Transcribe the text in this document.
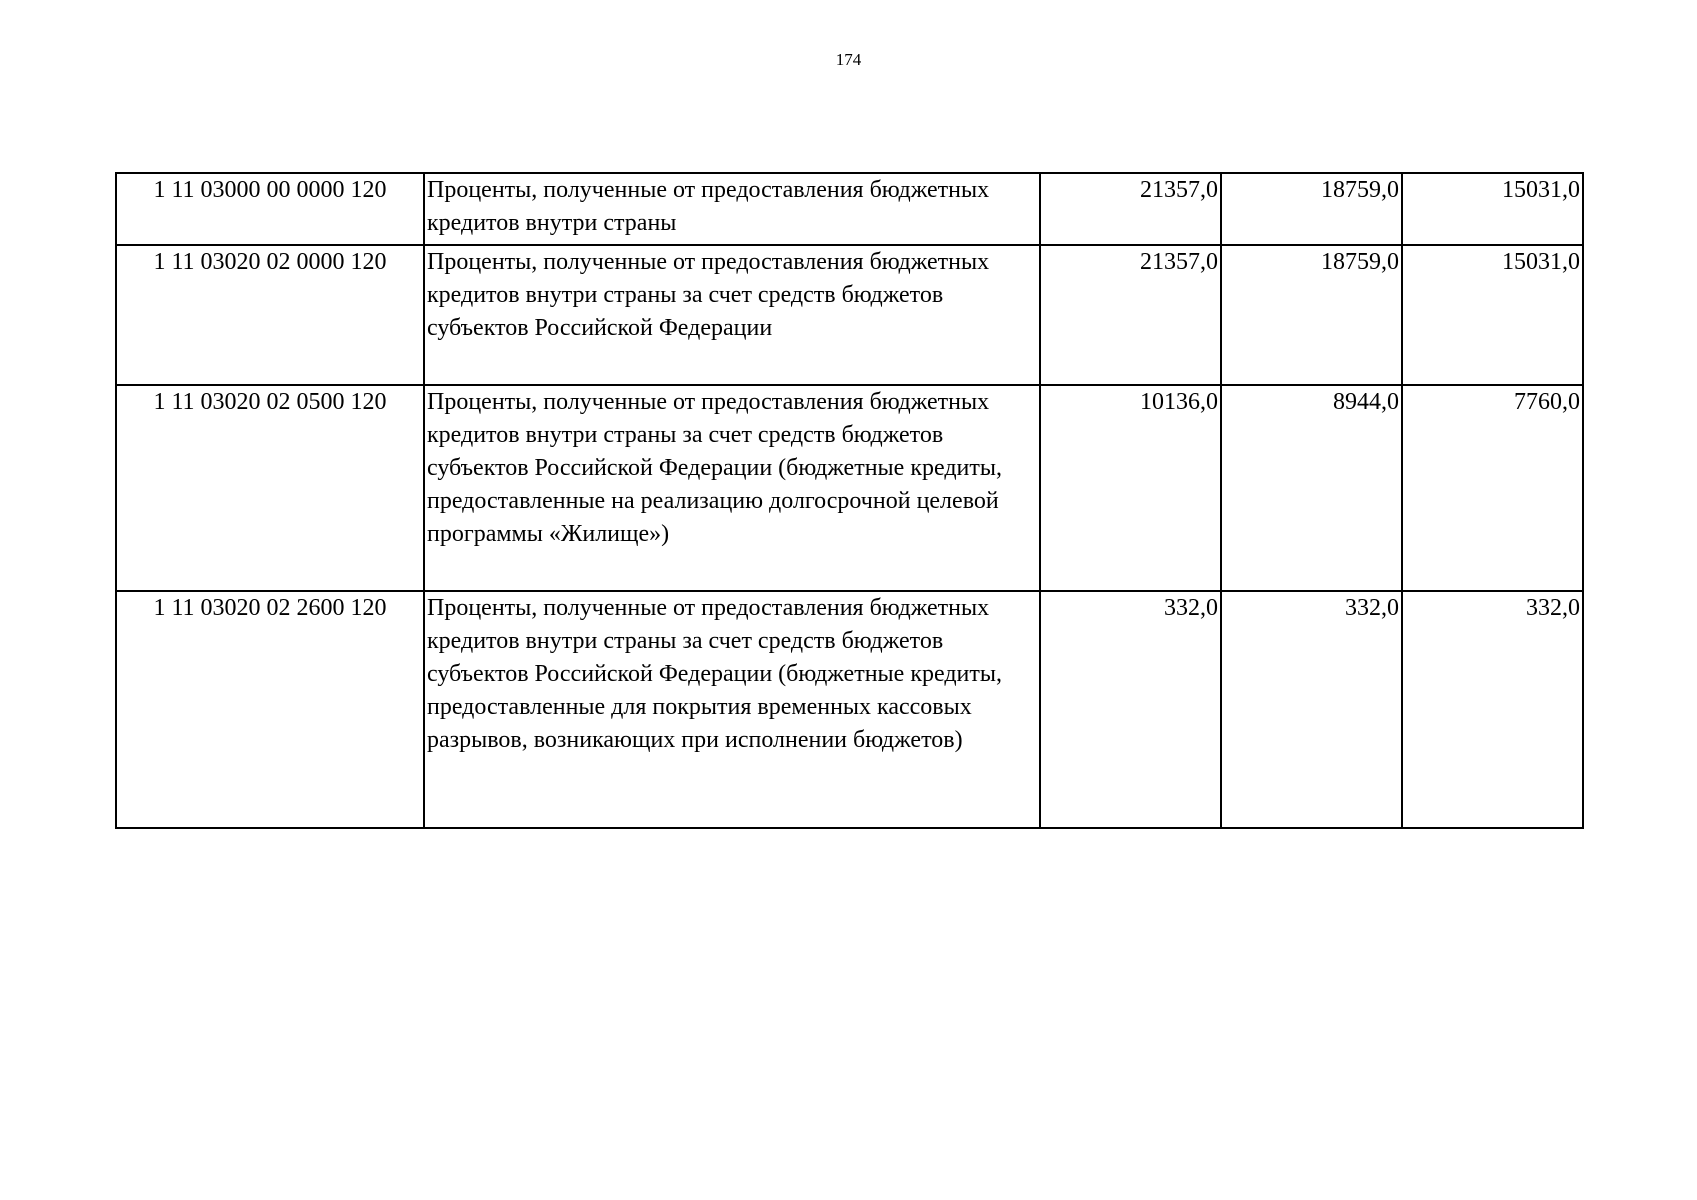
174
1 11 03000 00 0000 120	Проценты, полученные от предоставления бюджетных кредитов внутри страны	21357,0	18759,0	15031,0
1 11 03020 02 0000 120	Проценты, полученные от предоставления бюджетных кредитов внутри страны за счет средств бюджетов субъектов Российской Федерации	21357,0	18759,0	15031,0
1 11 03020 02 0500 120	Проценты, полученные от предоставления бюджетных кредитов внутри страны за счет средств бюджетов субъектов Российской Федерации (бюджетные кредиты, предоставленные на реализацию долгосрочной целевой программы «Жилище»)	10136,0	8944,0	7760,0
1 11 03020 02 2600 120	Проценты, полученные от предоставления бюджетных кредитов внутри страны за счет средств бюджетов субъектов Российской Федерации (бюджетные кредиты, предоставленные для покрытия временных кассовых разрывов, возникающих при исполнении бюджетов)	332,0	332,0	332,0
